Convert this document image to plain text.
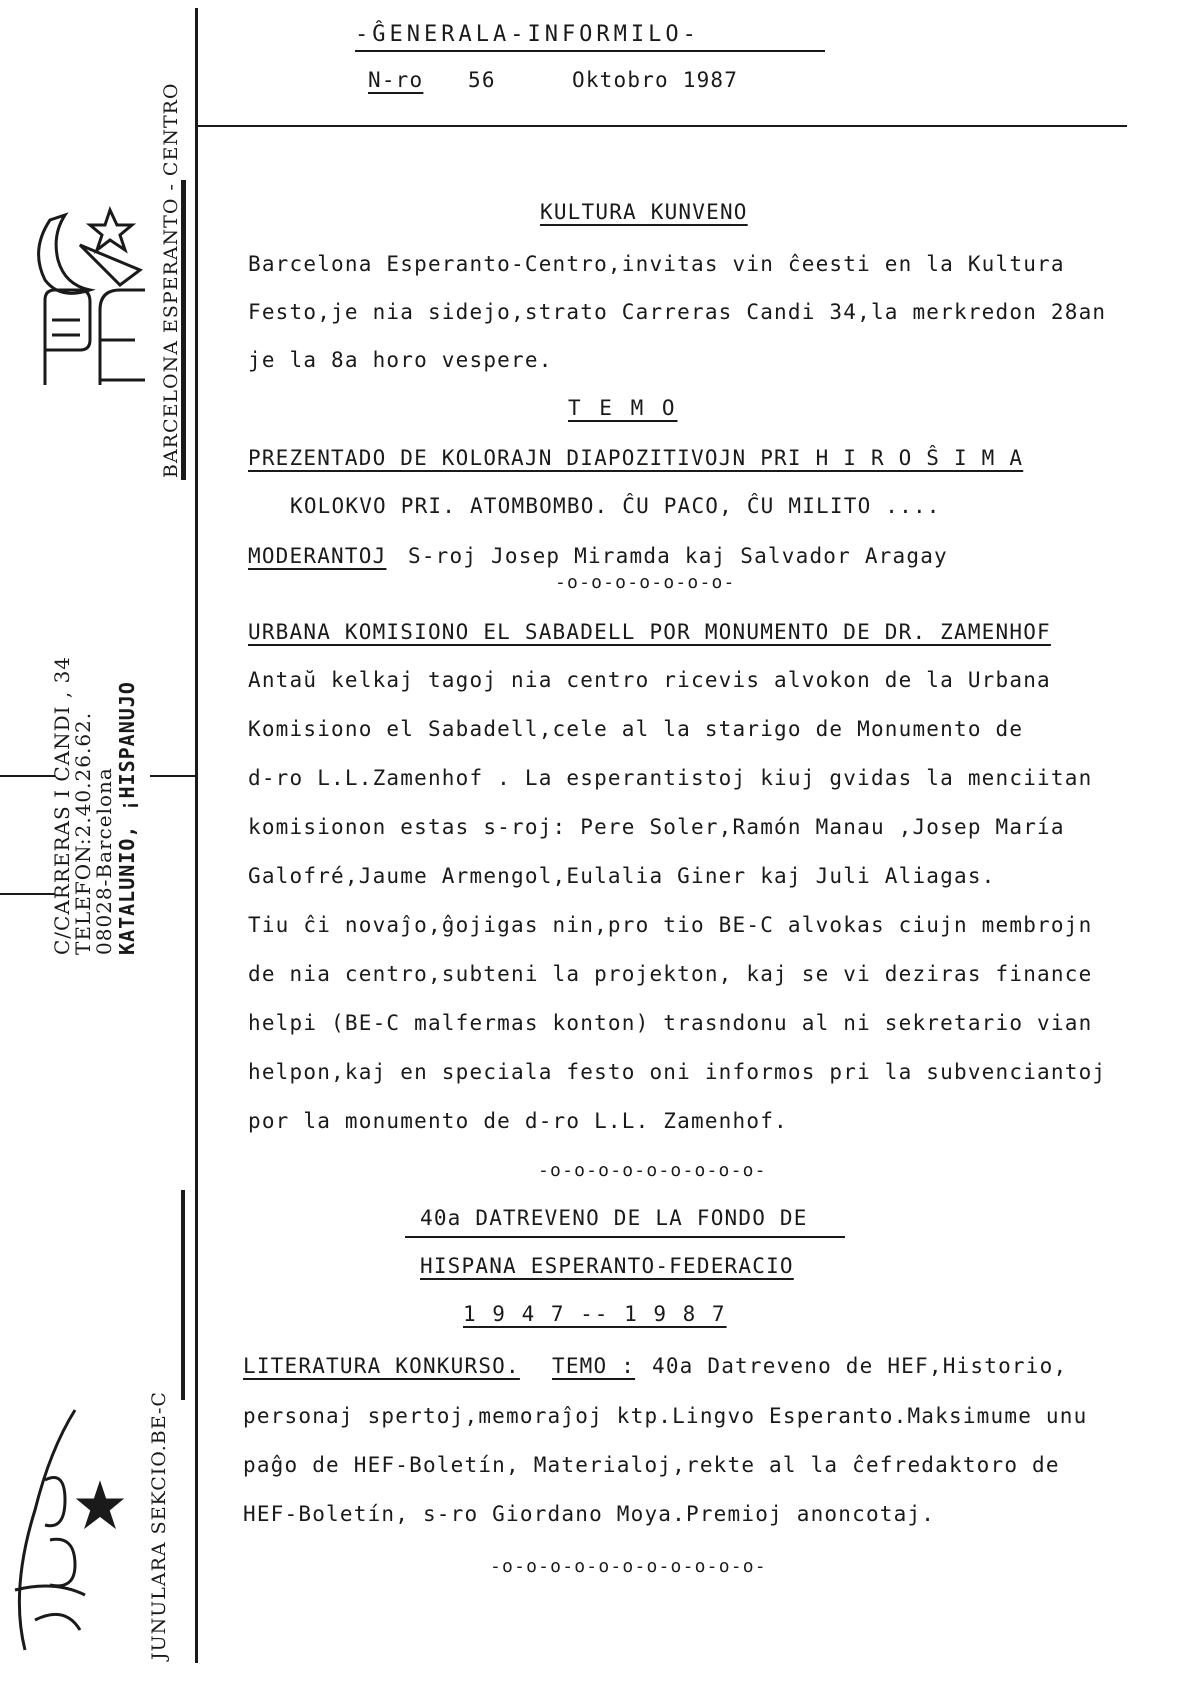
-ĜENERALA-INFORMILO-
N-ro 56	Oktobro 1987
BARCELONA ESPERANTO - CENTRO
C/CARRERAS I CANDI , 34
TELEFON:2.40.26.62.
08028-Barcelona KATALUNIO, ¡HISPANUJO
JUNULARA SEKCIO.BE-C
KULTURA KUNVENO
Barcelona Esperanto-Centro,invitas vin ĉeesti en la Kultura
Festo,je nia sidejo,strato Carreras Candi 34,la merkredon 28an
je la 8a horo vespere.
T E M O
PREZENTADO DE KOLORAJN DIAPOZITIVOJN PRI H I R O Ŝ I M A
KOLOKVO PRI. ATOMBOMBO. ĈU PACO, ĈU MILITO ....
MODERANTOJ S-roj Josep Miramda kaj Salvador Aragay
-o-o-o-o-o-o-o-
URBANA KOMISIONO EL SABADELL POR MONUMENTO DE DR. ZAMENHOF
Antaŭ kelkaj tagoj nia centro ricevis alvokon de la Urbana
Komisiono el Sabadell,cele al la starigo de Monumento de
d-ro L.L.Zamenhof . La esperantistoj kiuj gvidas la menciitan
komisionon estas s-roj: Pere Soler,Ramón Manau ,Josep María
Galofré,Jaume Armengol,Eulalia Giner kaj Juli Aliagas.
Tiu ĉi novaĵo,ĝojigas nin,pro tio BE-C alvokas ciujn membrojn
de nia centro,subteni la projekton, kaj se vi deziras finance
helpi (BE-C malfermas konton) trasndonu al ni sekretario vian
helpon,kaj en speciala festo oni informos pri la subvenciantoj
por la monumento de d-ro L.L. Zamenhof.
-o-o-o-o-o-o-o-o-o-
40a DATREVENO DE LA FONDO DE
HISPANA ESPERANTO-FEDERACIO
1 9 4 7 -- 1 9 8 7
LITERATURA KONKURSO. TEMO : 40a Datreveno de HEF,Historio,
personaj spertoj,memoraĵoj ktp.Lingvo Esperanto.Maksimume unu
paĝo de HEF-Boletín, Materialoj,rekte al la ĉefredaktoro de
HEF-Boletín, s-ro Giordano Moya.Premioj anoncotaj.
-o-o-o-o-o-o-o-o-o-o-o-
